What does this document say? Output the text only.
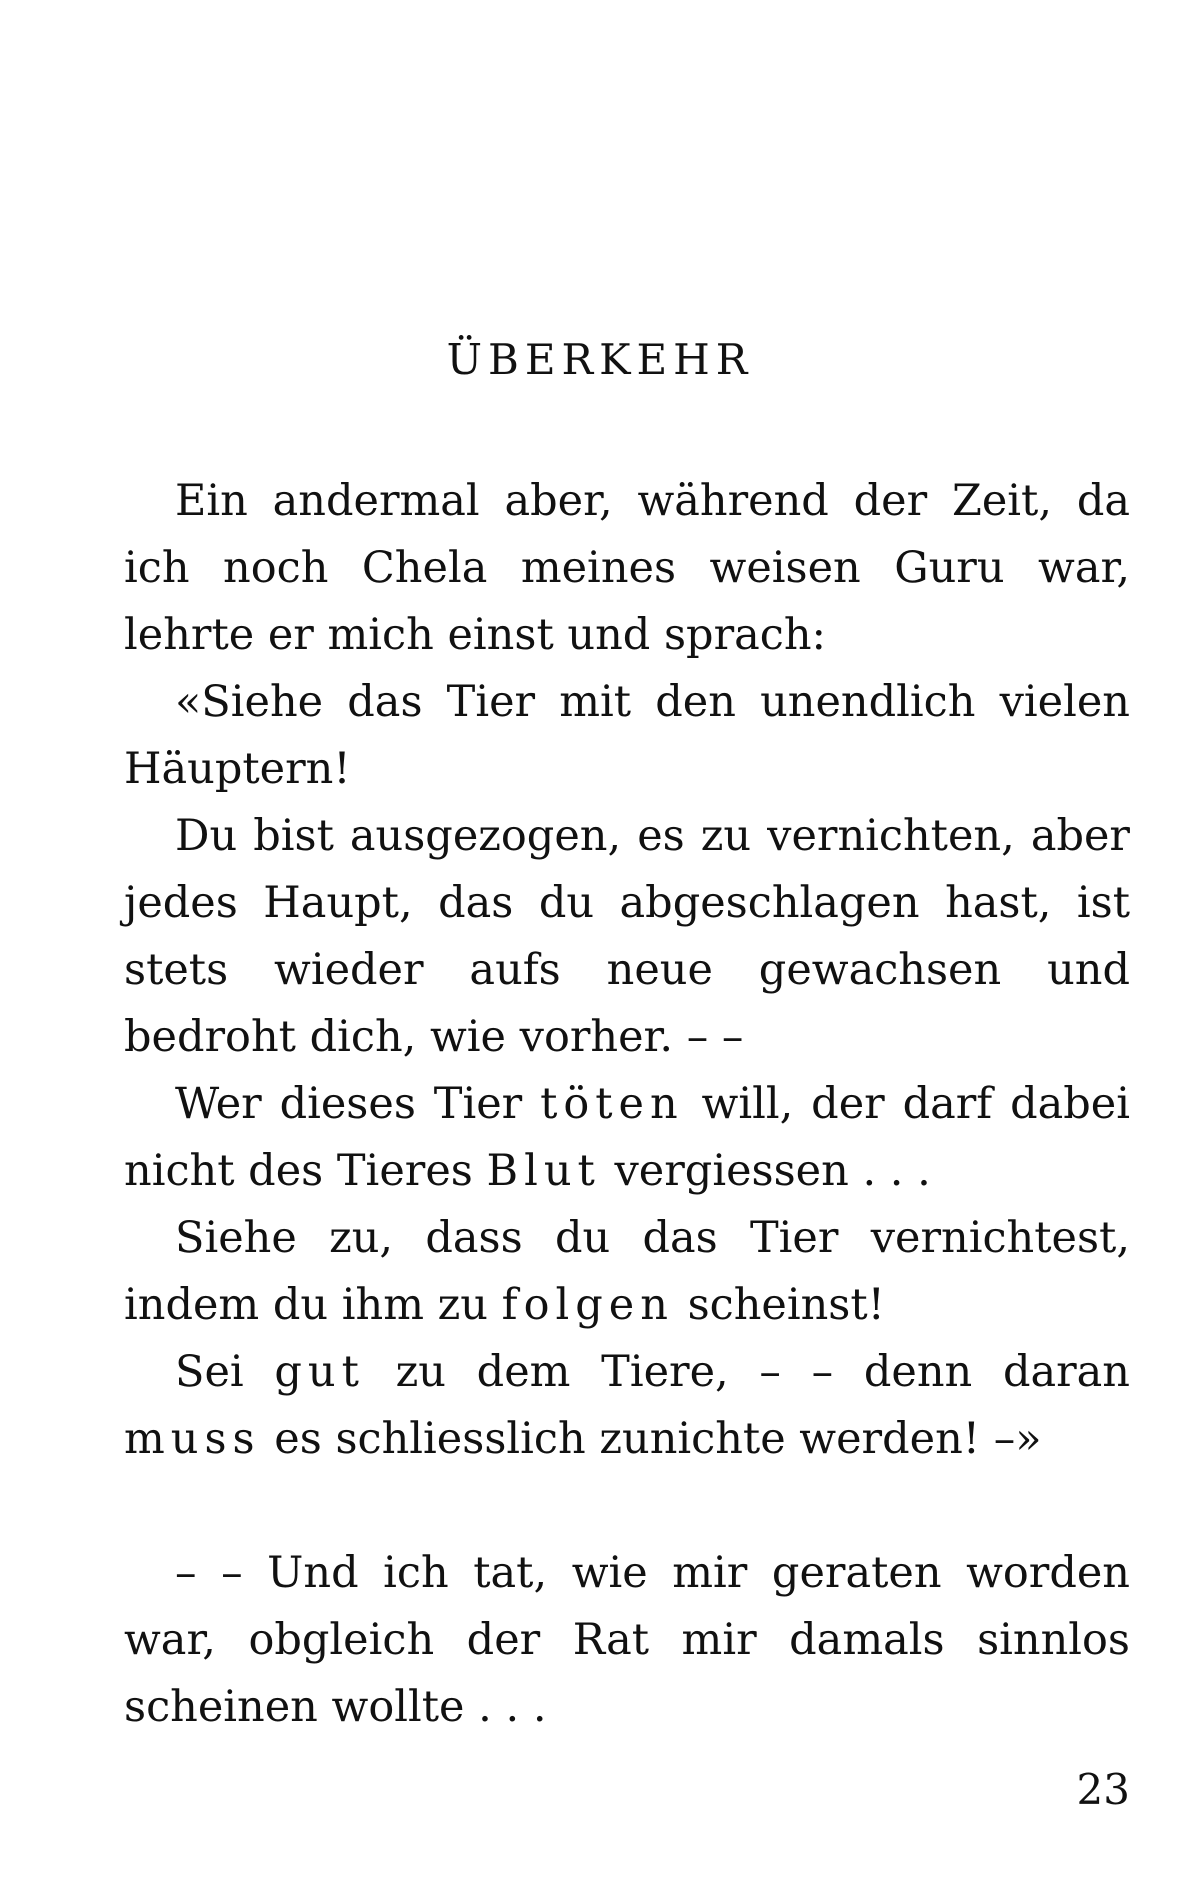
ÜBERKEHR

Ein andermal aber, während der Zeit, da ich noch Chela meines weisen Guru war, lehrte er mich einst und sprach:

«Siehe das Tier mit den unendlich vielen Häuptern!

Du bist ausgezogen, es zu vernichten, aber jedes Haupt, das du abgeschlagen hast, ist stets wieder aufs neue gewachsen und bedroht dich, wie vorher. – –

Wer dieses Tier töten will, der darf dabei nicht des Tieres Blut vergiessen . . .

Siehe zu, dass du das Tier vernichtest, indem du ihm zu folgen scheinst!

Sei gut zu dem Tiere, – – denn daran muss es schliesslich zunichte werden! –»

– – Und ich tat, wie mir geraten worden war, obgleich der Rat mir damals sinnlos scheinen wollte . . .

23
